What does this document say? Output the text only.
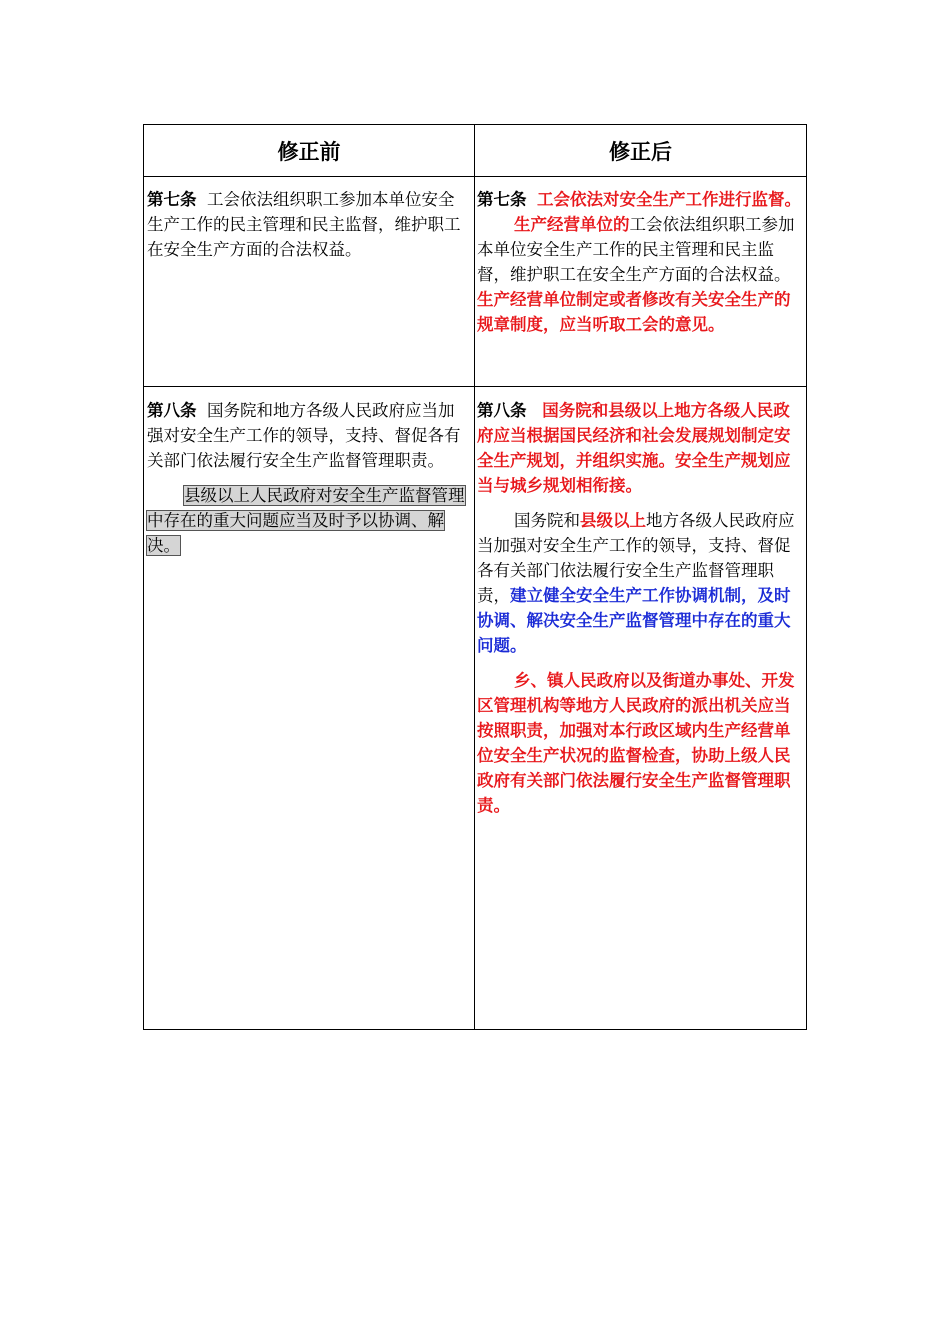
修正前	修正后

第七条 工会依法组织职工参加本单位安全生产工作的民主管理和民主监督，维护职工在安全生产方面的合法权益。

第七条 工会依法对安全生产工作进行监督。

生产经营单位的工会依法组织职工参加本单位安全生产工作的民主管理和民主监督，维护职工在安全生产方面的合法权益。生产经营单位制定或者修改有关安全生产的规章制度，应当听取工会的意见。

第八条 国务院和地方各级人民政府应当加强对安全生产工作的领导，支持、督促各有关部门依法履行安全生产监督管理职责。

县级以上人民政府对安全生产监督管理中存在的重大问题应当及时予以协调、解决。

第八条 国务院和县级以上地方各级人民政府应当根据国民经济和社会发展规划制定安全生产规划，并组织实施。安全生产规划应当与城乡规划相衔接。

国务院和县级以上地方各级人民政府应当加强对安全生产工作的领导，支持、督促各有关部门依法履行安全生产监督管理职责，建立健全安全生产工作协调机制，及时协调、解决安全生产监督管理中存在的重大问题。

乡、镇人民政府以及街道办事处、开发区管理机构等地方人民政府的派出机关应当按照职责，加强对本行政区域内生产经营单位安全生产状况的监督检查，协助上级人民政府有关部门依法履行安全生产监督管理职责。
